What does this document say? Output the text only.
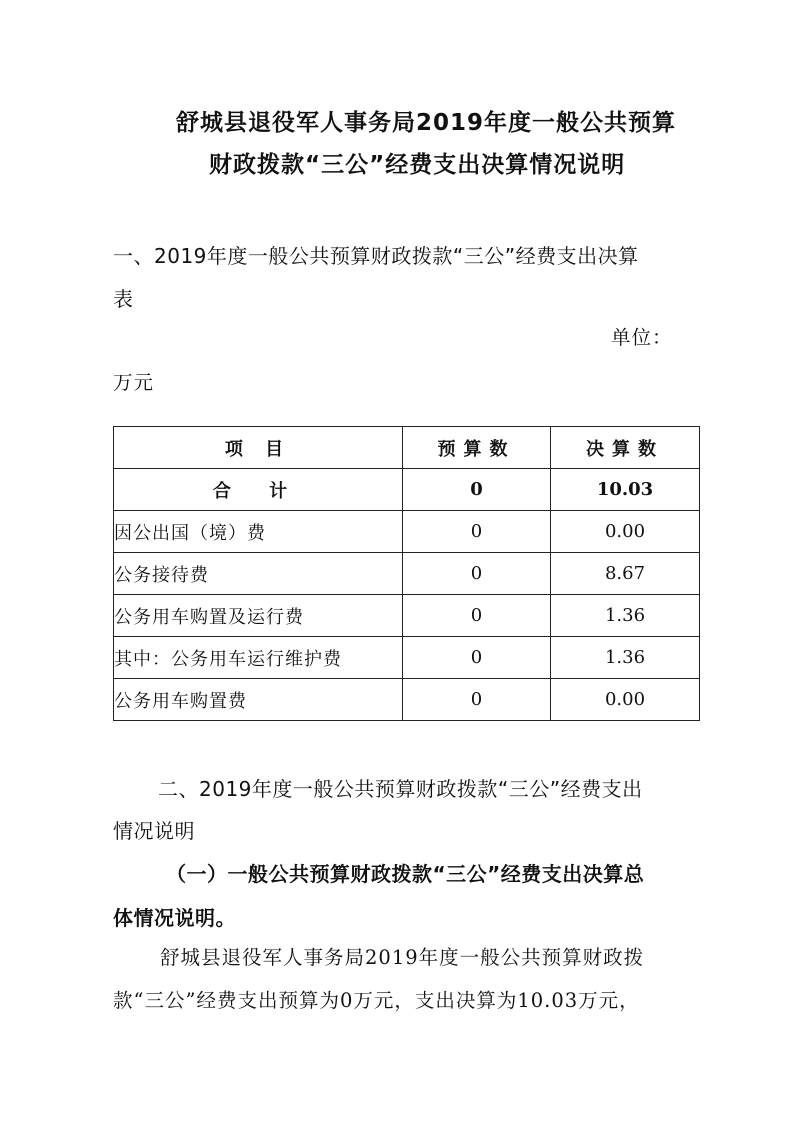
舒城县退役军人事务局2019年度一般公共预算
财政拨款“三公”经费支出决算情况说明
一、2019年度一般公共预算财政拨款“三公”经费支出决算
表
单位：
万元
项 目	预算数	决算数
合 计	0	10.03
因公出国（境）费	0	0.00
公务接待费	0	8.67
公务用车购置及运行费	0	1.36
其中：公务用车运行维护费	0	1.36
公务用车购置费	0	0.00
二、2019年度一般公共预算财政拨款“三公”经费支出
情况说明
（一）一般公共预算财政拨款“三公”经费支出决算总
体情况说明。
舒城县退役军人事务局2019年度一般公共预算财政拨
款“三公”经费支出预算为0万元，支出决算为10.03万元，
